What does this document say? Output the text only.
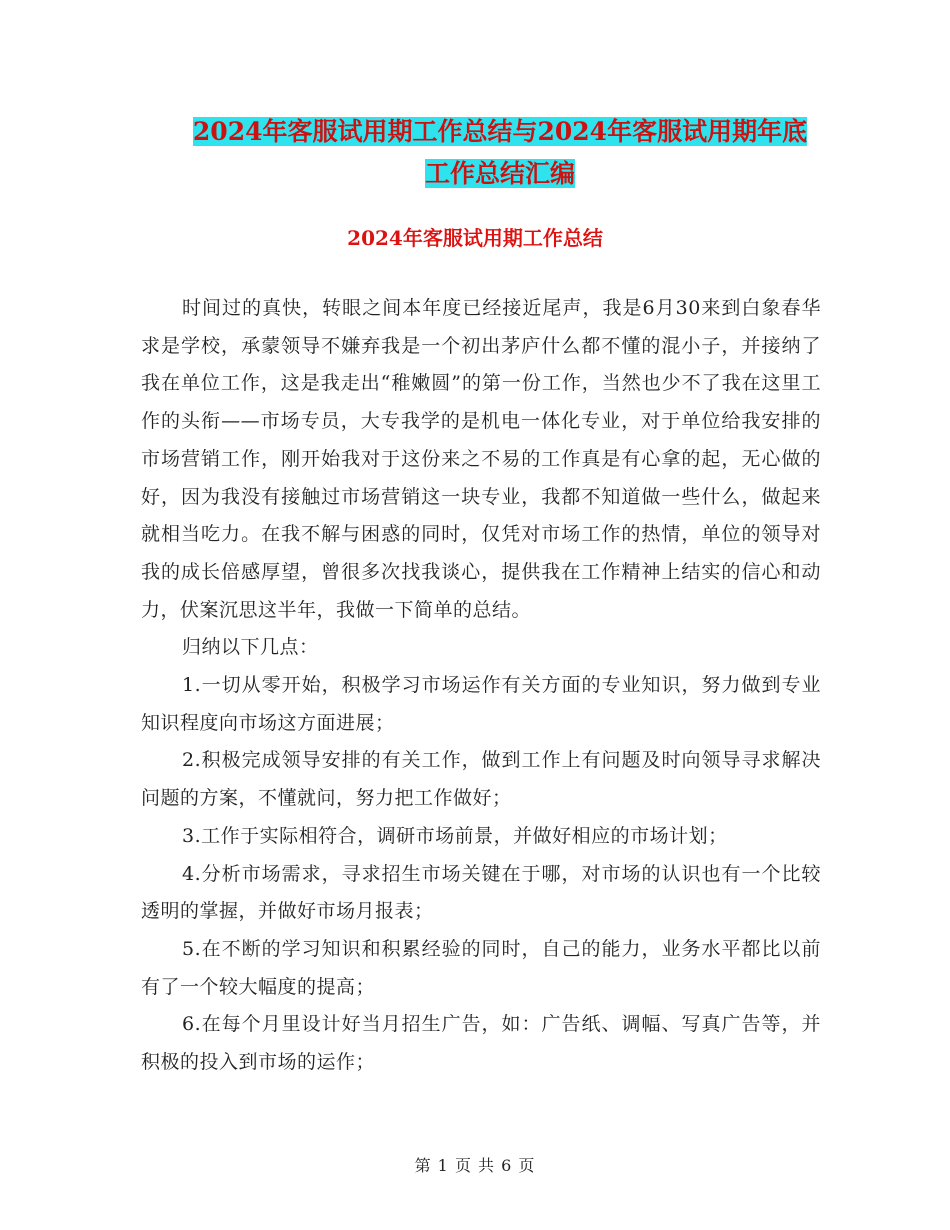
2024年客服试用期工作总结与2024年客服试用期年底
工作总结汇编
2024年客服试用期工作总结

时间过的真快，转眼之间本年度已经接近尾声，我是6月30来到白象春华求是学校，承蒙领导不嫌弃我是一个初出茅庐什么都不懂的混小子，并接纳了我在单位工作，这是我走出“稚嫩圆”的第一份工作，当然也少不了我在这里工作的头衔——市场专员，大专我学的是机电一体化专业，对于单位给我安排的市场营销工作，刚开始我对于这份来之不易的工作真是有心拿的起，无心做的好，因为我没有接触过市场营销这一块专业，我都不知道做一些什么，做起来就相当吃力。在我不解与困惑的同时，仅凭对市场工作的热情，单位的领导对我的成长倍感厚望，曾很多次找我谈心，提供我在工作精神上结实的信心和动力，伏案沉思这半年，我做一下简单的总结。

归纳以下几点：

1.一切从零开始，积极学习市场运作有关方面的专业知识，努力做到专业知识程度向市场这方面进展；

2.积极完成领导安排的有关工作，做到工作上有问题及时向领导寻求解决问题的方案，不懂就问，努力把工作做好；

3.工作于实际相符合，调研市场前景，并做好相应的市场计划；

4.分析市场需求，寻求招生市场关键在于哪，对市场的认识也有一个比较透明的掌握，并做好市场月报表；

5.在不断的学习知识和积累经验的同时，自己的能力，业务水平都比以前有了一个较大幅度的提高；

6.在每个月里设计好当月招生广告，如：广告纸、调幅、写真广告等，并积极的投入到市场的运作；

第 1 页 共 6 页
